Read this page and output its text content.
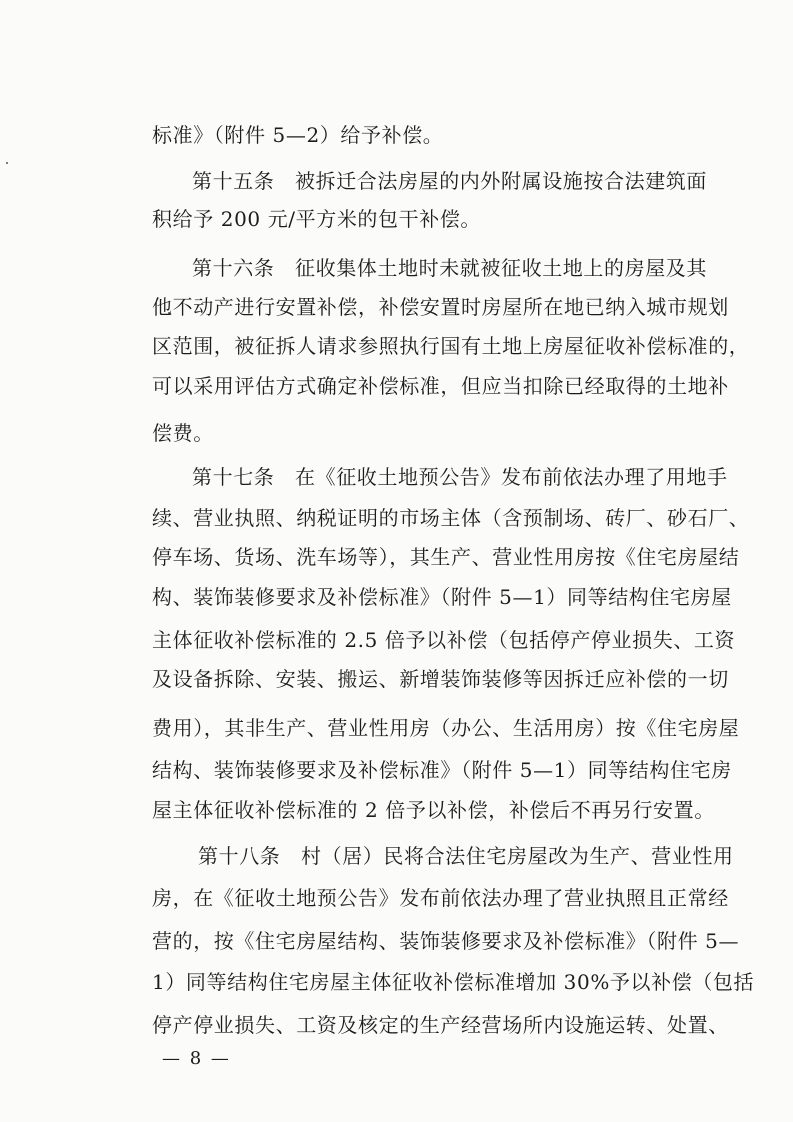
标准》（附件 5—2）给予补偿。
第十五条　被拆迁合法房屋的内外附属设施按合法建筑面
积给予 200 元/平方米的包干补偿。
第十六条　征收集体土地时未就被征收土地上的房屋及其
他不动产进行安置补偿，补偿安置时房屋所在地已纳入城市规划
区范围，被征拆人请求参照执行国有土地上房屋征收补偿标准的，
可以采用评估方式确定补偿标准，但应当扣除已经取得的土地补
偿费。
第十七条　在《征收土地预公告》发布前依法办理了用地手
续、营业执照、纳税证明的市场主体（含预制场、砖厂、砂石厂、
停车场、货场、洗车场等），其生产、营业性用房按《住宅房屋结
构、装饰装修要求及补偿标准》（附件 5—1）同等结构住宅房屋
主体征收补偿标准的 2.5 倍予以补偿（包括停产停业损失、工资
及设备拆除、安装、搬运、新增装饰装修等因拆迁应补偿的一切
费用），其非生产、营业性用房（办公、生活用房）按《住宅房屋
结构、装饰装修要求及补偿标准》（附件 5—1）同等结构住宅房
屋主体征收补偿标准的 2 倍予以补偿，补偿后不再另行安置。
第十八条　村（居）民将合法住宅房屋改为生产、营业性用
房，在《征收土地预公告》发布前依法办理了营业执照且正常经
营的，按《住宅房屋结构、装饰装修要求及补偿标准》（附件 5—
1）同等结构住宅房屋主体征收补偿标准增加 30%予以补偿（包括
停产停业损失、工资及核定的生产经营场所内设施运转、处置、
— 8 —
